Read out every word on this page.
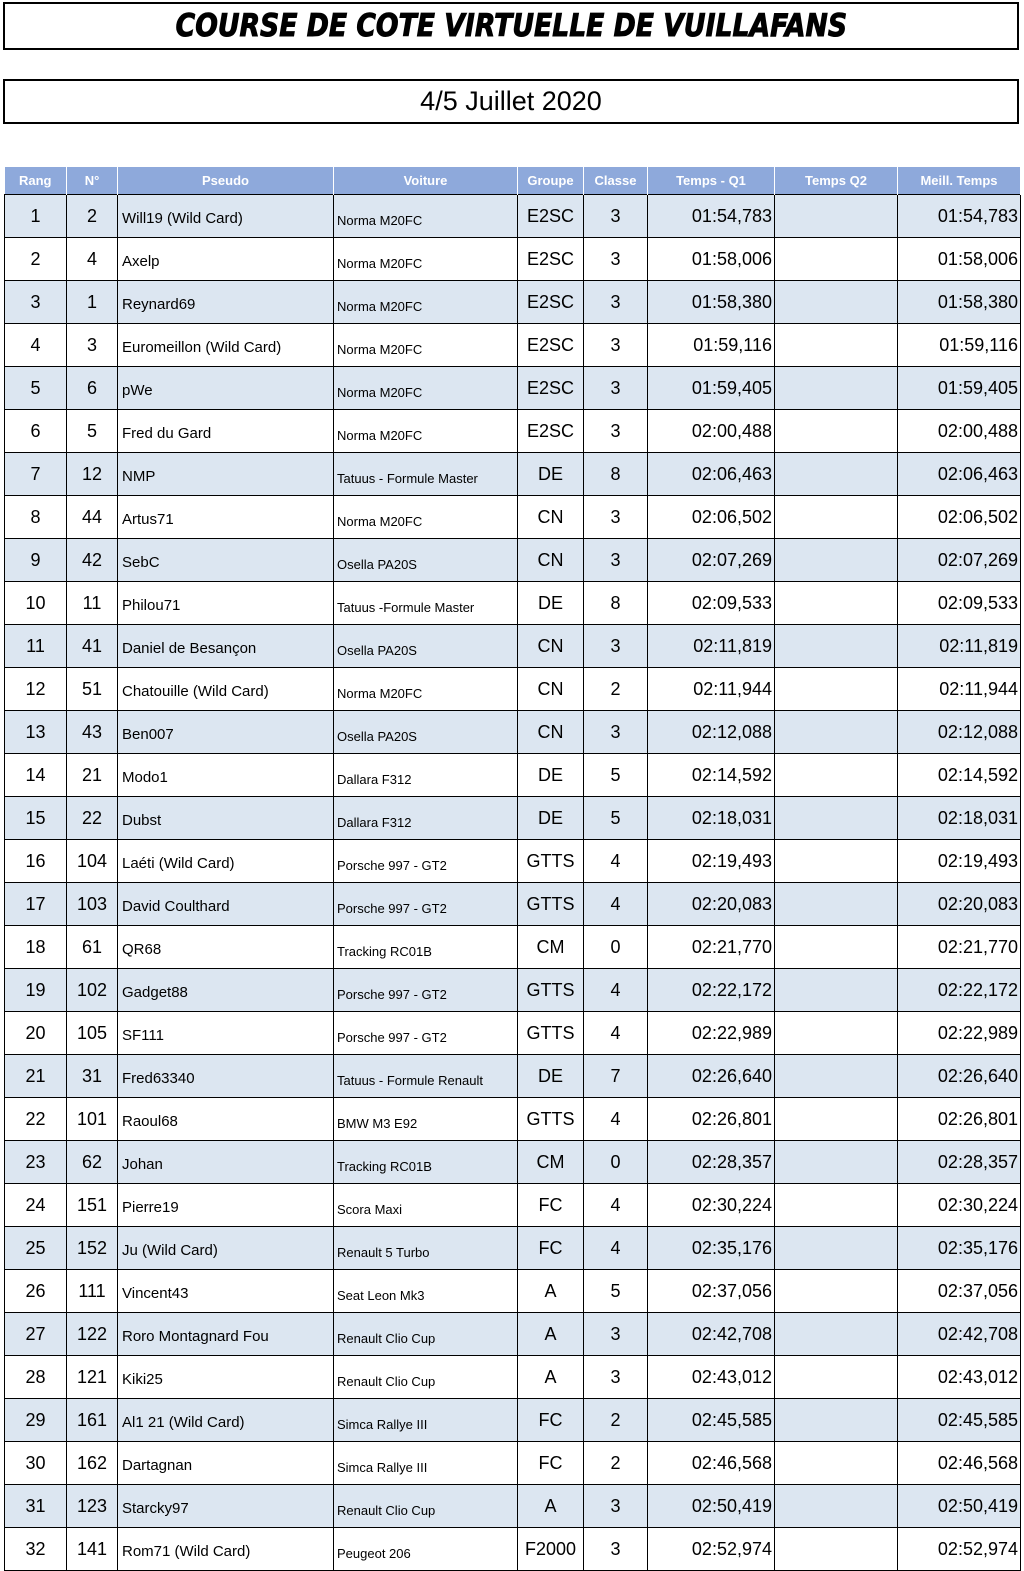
COURSE DE COTE VIRTUELLE DE VUILLAFANS
4/5 Juillet 2020
Rang	N°	Pseudo	Voiture	Groupe	Classe	Temps - Q1	Temps Q2	Meill. Temps
1	2	Will19 (Wild Card)	Norma M20FC	E2SC	3	01:54,783		01:54,783
2	4	Axelp	Norma M20FC	E2SC	3	01:58,006		01:58,006
3	1	Reynard69	Norma M20FC	E2SC	3	01:58,380		01:58,380
4	3	Euromeillon (Wild Card)	Norma M20FC	E2SC	3	01:59,116		01:59,116
5	6	pWe	Norma M20FC	E2SC	3	01:59,405		01:59,405
6	5	Fred du Gard	Norma M20FC	E2SC	3	02:00,488		02:00,488
7	12	NMP	Tatuus - Formule Master	DE	8	02:06,463		02:06,463
8	44	Artus71	Norma M20FC	CN	3	02:06,502		02:06,502
9	42	SebC	Osella PA20S	CN	3	02:07,269		02:07,269
10	11	Philou71	Tatuus -Formule Master	DE	8	02:09,533		02:09,533
11	41	Daniel de Besançon	Osella PA20S	CN	3	02:11,819		02:11,819
12	51	Chatouille (Wild Card)	Norma M20FC	CN	2	02:11,944		02:11,944
13	43	Ben007	Osella PA20S	CN	3	02:12,088		02:12,088
14	21	Modo1	Dallara F312	DE	5	02:14,592		02:14,592
15	22	Dubst	Dallara F312	DE	5	02:18,031		02:18,031
16	104	Laéti (Wild Card)	Porsche 997 - GT2	GTTS	4	02:19,493		02:19,493
17	103	David Coulthard	Porsche 997 - GT2	GTTS	4	02:20,083		02:20,083
18	61	QR68	Tracking RC01B	CM	0	02:21,770		02:21,770
19	102	Gadget88	Porsche 997 - GT2	GTTS	4	02:22,172		02:22,172
20	105	SF111	Porsche 997 - GT2	GTTS	4	02:22,989		02:22,989
21	31	Fred63340	Tatuus - Formule Renault	DE	7	02:26,640		02:26,640
22	101	Raoul68	BMW M3 E92	GTTS	4	02:26,801		02:26,801
23	62	Johan	Tracking RC01B	CM	0	02:28,357		02:28,357
24	151	Pierre19	Scora Maxi	FC	4	02:30,224		02:30,224
25	152	Ju (Wild Card)	Renault 5 Turbo	FC	4	02:35,176		02:35,176
26	111	Vincent43	Seat Leon Mk3	A	5	02:37,056		02:37,056
27	122	Roro Montagnard Fou	Renault Clio Cup	A	3	02:42,708		02:42,708
28	121	Kiki25	Renault Clio Cup	A	3	02:43,012		02:43,012
29	161	Al1 21 (Wild Card)	Simca Rallye III	FC	2	02:45,585		02:45,585
30	162	Dartagnan	Simca Rallye III	FC	2	02:46,568		02:46,568
31	123	Starcky97	Renault Clio Cup	A	3	02:50,419		02:50,419
32	141	Rom71 (Wild Card)	Peugeot 206	F2000	3	02:52,974		02:52,974
